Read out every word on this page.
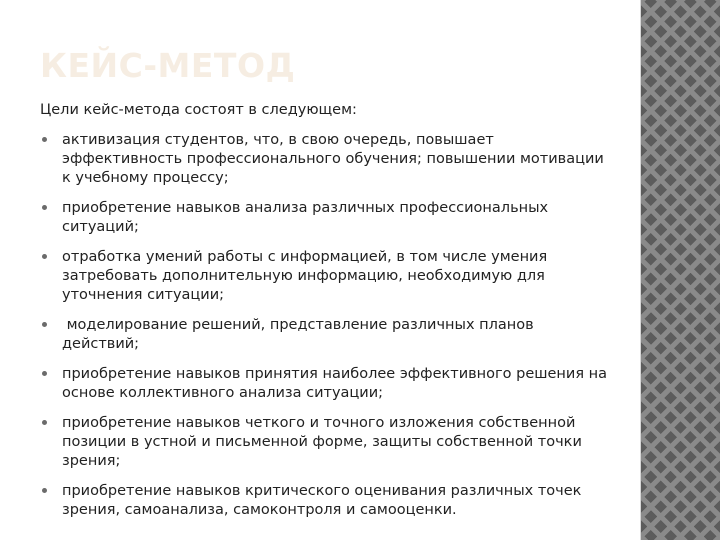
КЕЙС-МЕТОД

Цели кейс-метода состоят в следующем:

активизация студентов, что, в свою очередь, повышает эффективность профессионального обучения; повышении мотивации к учебному процессу;
приобретение навыков анализа различных профессиональных ситуаций;
отработка умений работы с информацией, в том числе умения затребовать дополнительную информацию, необходимую для уточнения ситуации;
моделирование решений, представление различных планов действий;
приобретение навыков принятия наиболее эффективного решения на основе коллективного анализа ситуации;
приобретение навыков четкого и точного изложения собственной позиции в устной и письменной форме, защиты собственной точки зрения;
приобретение навыков критического оценивания различных точек зрения, самоанализа, самоконтроля и самооценки.
